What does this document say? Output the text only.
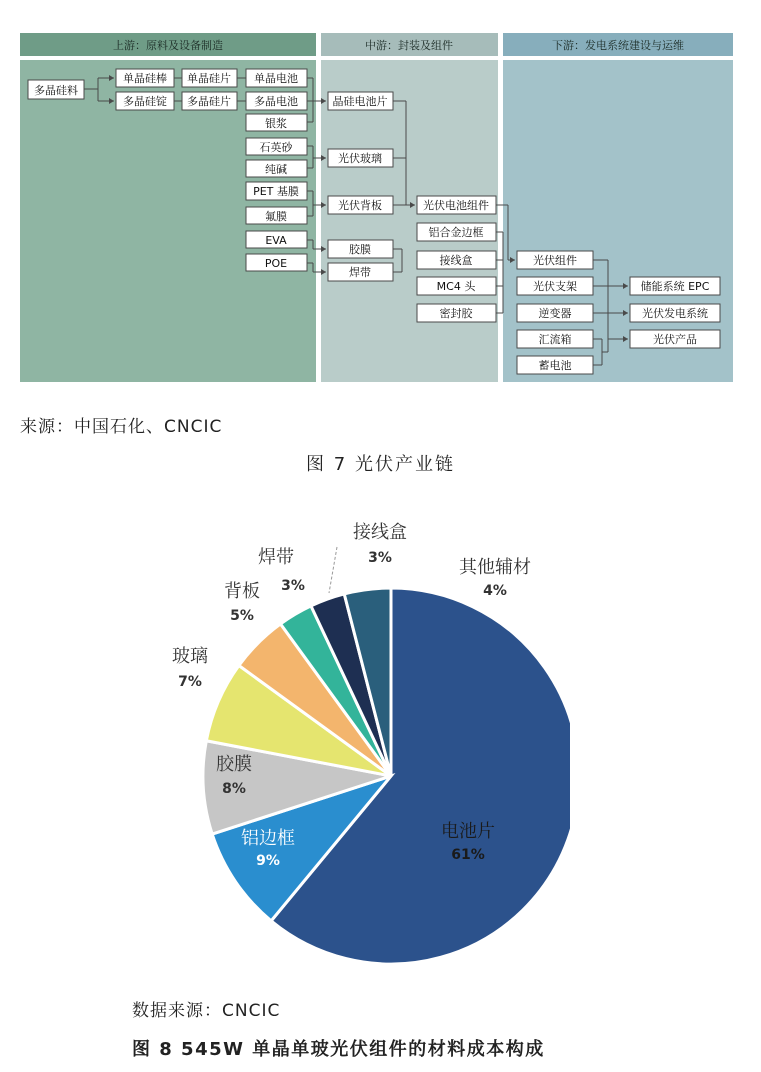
上游：原料及设备制造	中游：封装及组件	下游：发电系统建设与运维
多晶硅料
单晶硅棒
多晶硅锭
单晶硅片
多晶硅片
单晶电池
多晶电池
银浆
石英砂
纯碱
PET 基膜
氟膜
EVA
POE
晶硅电池片
光伏玻璃
光伏背板
胶膜
焊带
光伏电池组件
铝合金边框
接线盒
MC4 头
密封胶
光伏组件
光伏支架
逆变器
汇流箱
蓄电池
储能系统 EPC
光伏发电系统
光伏产品
来源：中国石化、CNCIC
图 7 光伏产业链
电池片
61%
铝边框
9%
胶膜
8%
玻璃
7%
背板
5%
焊带
3%
接线盒
3%	其他辅材
4%
数据来源：CNCIC
图 8 545W 单晶单玻光伏组件的材料成本构成
